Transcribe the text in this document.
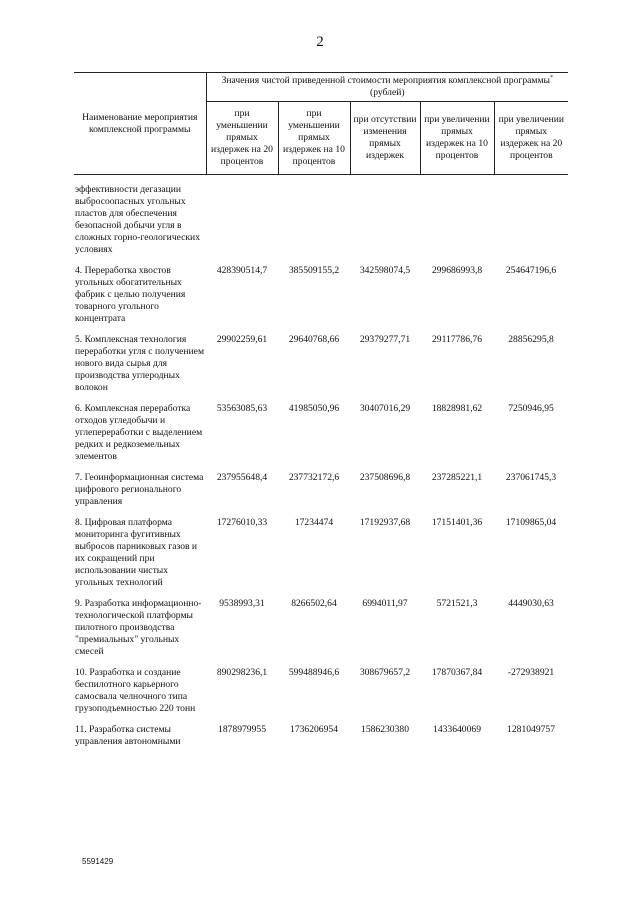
2
Наименование мероприятия комплексной программы	Значения чистой приведенной стоимости мероприятия комплексной программы* (рублей)				
	при уменьшении прямых издержек на 20 процентов	при уменьшении прямых издержек на 10 процентов	при отсутствии изменения прямых издержек	при увеличении прямых издержек на 10 процентов	при увеличении прямых издержек на 20 процентов

эффективности дегазации выбросоопасных угольных пластов для обеспечения безопасной добычи угля в сложных горно-геологических условиях					

4. Переработка хвостов угольных обогатительных фабрик с целью получения товарного угольного концентрата	428390514,7	385509155,2	342598074,5	299686993,8	254647196,6

5. Комплексная технология переработки угля с получением нового вида сырья для производства углеродных волокон	29902259,61	29640768,66	29379277,71	29117786,76	28856295,8

6. Комплексная переработка отходов угледобычи и углепереработки с выделением редких и редкоземельных элементов	53563085,63	41985050,96	30407016,29	18828981,62	7250946,95

7. Геоинформационная система цифрового регионального управления	237955648,4	237732172,6	237508696,8	237285221,1	237061745,3

8. Цифровая платформа мониторинга фугитивных выбросов парниковых газов и их сокращений при использовании чистых угольных технологий	17276010,33	17234474	17192937,68	17151401,36	17109865,04

9. Разработка информационно-технологической платформы пилотного производства "премиальных" угольных смесей	9538993,31	8266502,64	6994011,97	5721521,3	4449030,63

10. Разработка и создание беспилотного карьерного самосвала челночного типа грузоподъемностью 220 тонн	890298236,1	599488946,6	308679657,2	17870367,84	-272938921

11. Разработка системы управления автономными	1878979955	1736206954	1586230380	1433640069	1281049757
5591429
